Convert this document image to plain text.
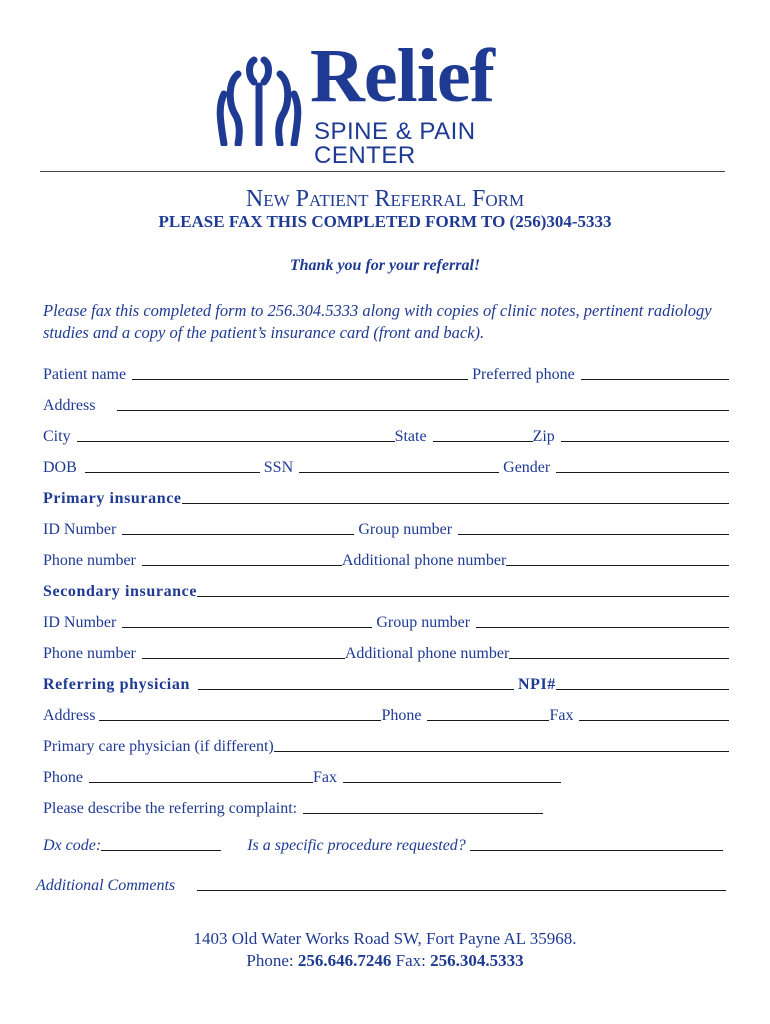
Relief
SPINE & PAIN CENTER
New Patient Referral Form
PLEASE FAX THIS COMPLETED FORM TO (256)304-5333
Thank you for your referral!
Please fax this completed form to 256.304.5333 along with copies of clinic notes, pertinent radiology studies and a copy of the patient’s insurance card (front and back).
Patient name	Preferred phone
Address
City	State	Zip
DOB	SSN	Gender
Primary insurance
ID Number	Group number
Phone number	Additional phone number
Secondary insurance
ID Number	Group number
Phone number	Additional phone number
Referring physician	NPI#
Address	Phone	Fax
Primary care physician (if different)
Phone	Fax
Please describe the referring complaint:
Dx code:	Is a specific procedure requested?
Additional Comments
1403 Old Water Works Road SW, Fort Payne AL 35968.
Phone: 256.646.7246 Fax: 256.304.5333
